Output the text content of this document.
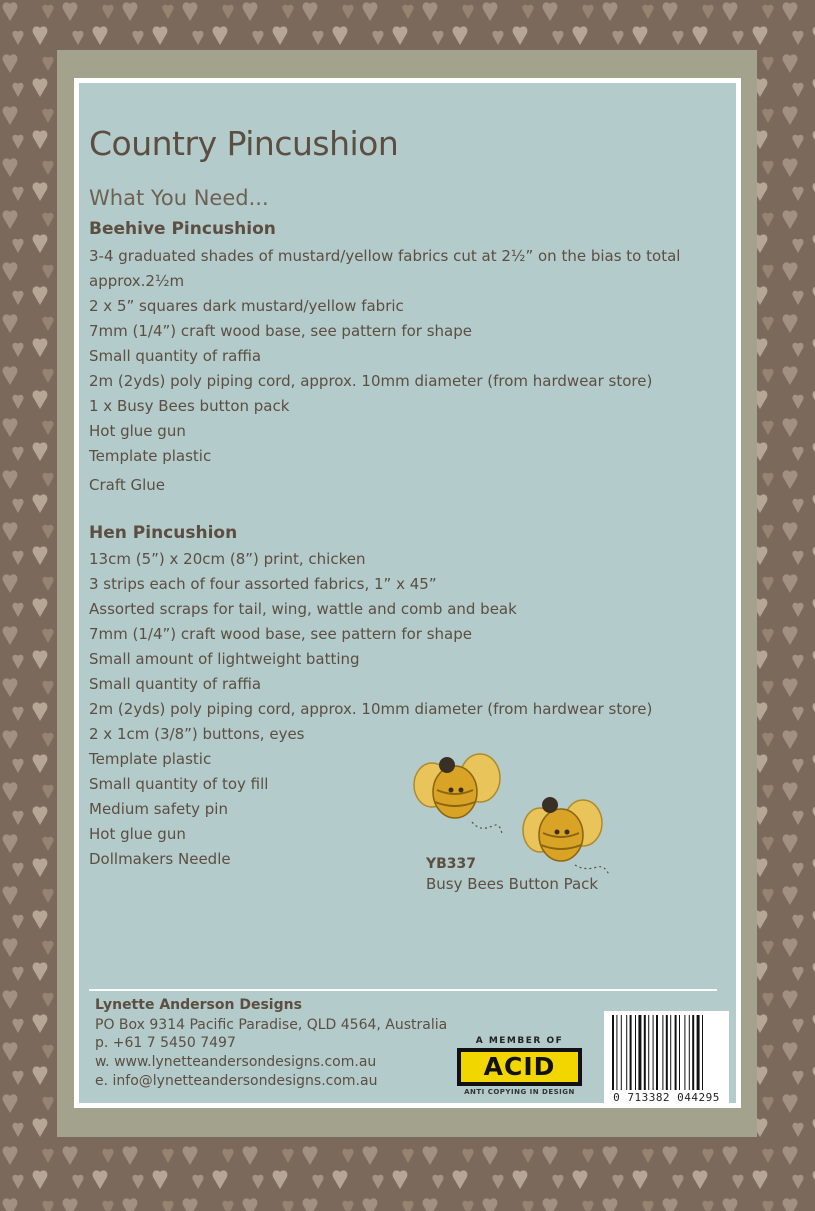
Country Pincushion
What You Need...
Beehive Pincushion
3-4 graduated shades of mustard/yellow fabrics cut at 2½” on the bias to total
approx.2½m
2 x 5” squares dark mustard/yellow fabric
7mm (1/4”) craft wood base, see pattern for shape
Small quantity of raffia
2m (2yds) poly piping cord, approx. 10mm diameter (from hardwear store)
1 x Busy Bees button pack
Hot glue gun
Template plastic
Craft Glue
Hen Pincushion
13cm (5”) x 20cm (8”) print, chicken
3 strips each of four assorted fabrics, 1” x 45”
Assorted scraps for tail, wing, wattle and comb and beak
7mm (1/4”) craft wood base, see pattern for shape
Small amount of lightweight batting
Small quantity of raffia
2m (2yds) poly piping cord, approx. 10mm diameter (from hardwear store)
2 x 1cm (3/8”) buttons, eyes
Template plastic
Small quantity of toy fill
Medium safety pin
Hot glue gun
Dollmakers Needle	YB337
Busy Bees Button Pack
Lynette Anderson Designs
PO Box 9314 Pacific Paradise, QLD 4564, Australia
p. +61 7 5450 7497
w. www.lynetteandersondesigns.com.au
e. info@lynetteandersondesigns.com.au
A MEMBER OF
ACID
ANTI COPYING IN DESIGN	0 713382 044295
